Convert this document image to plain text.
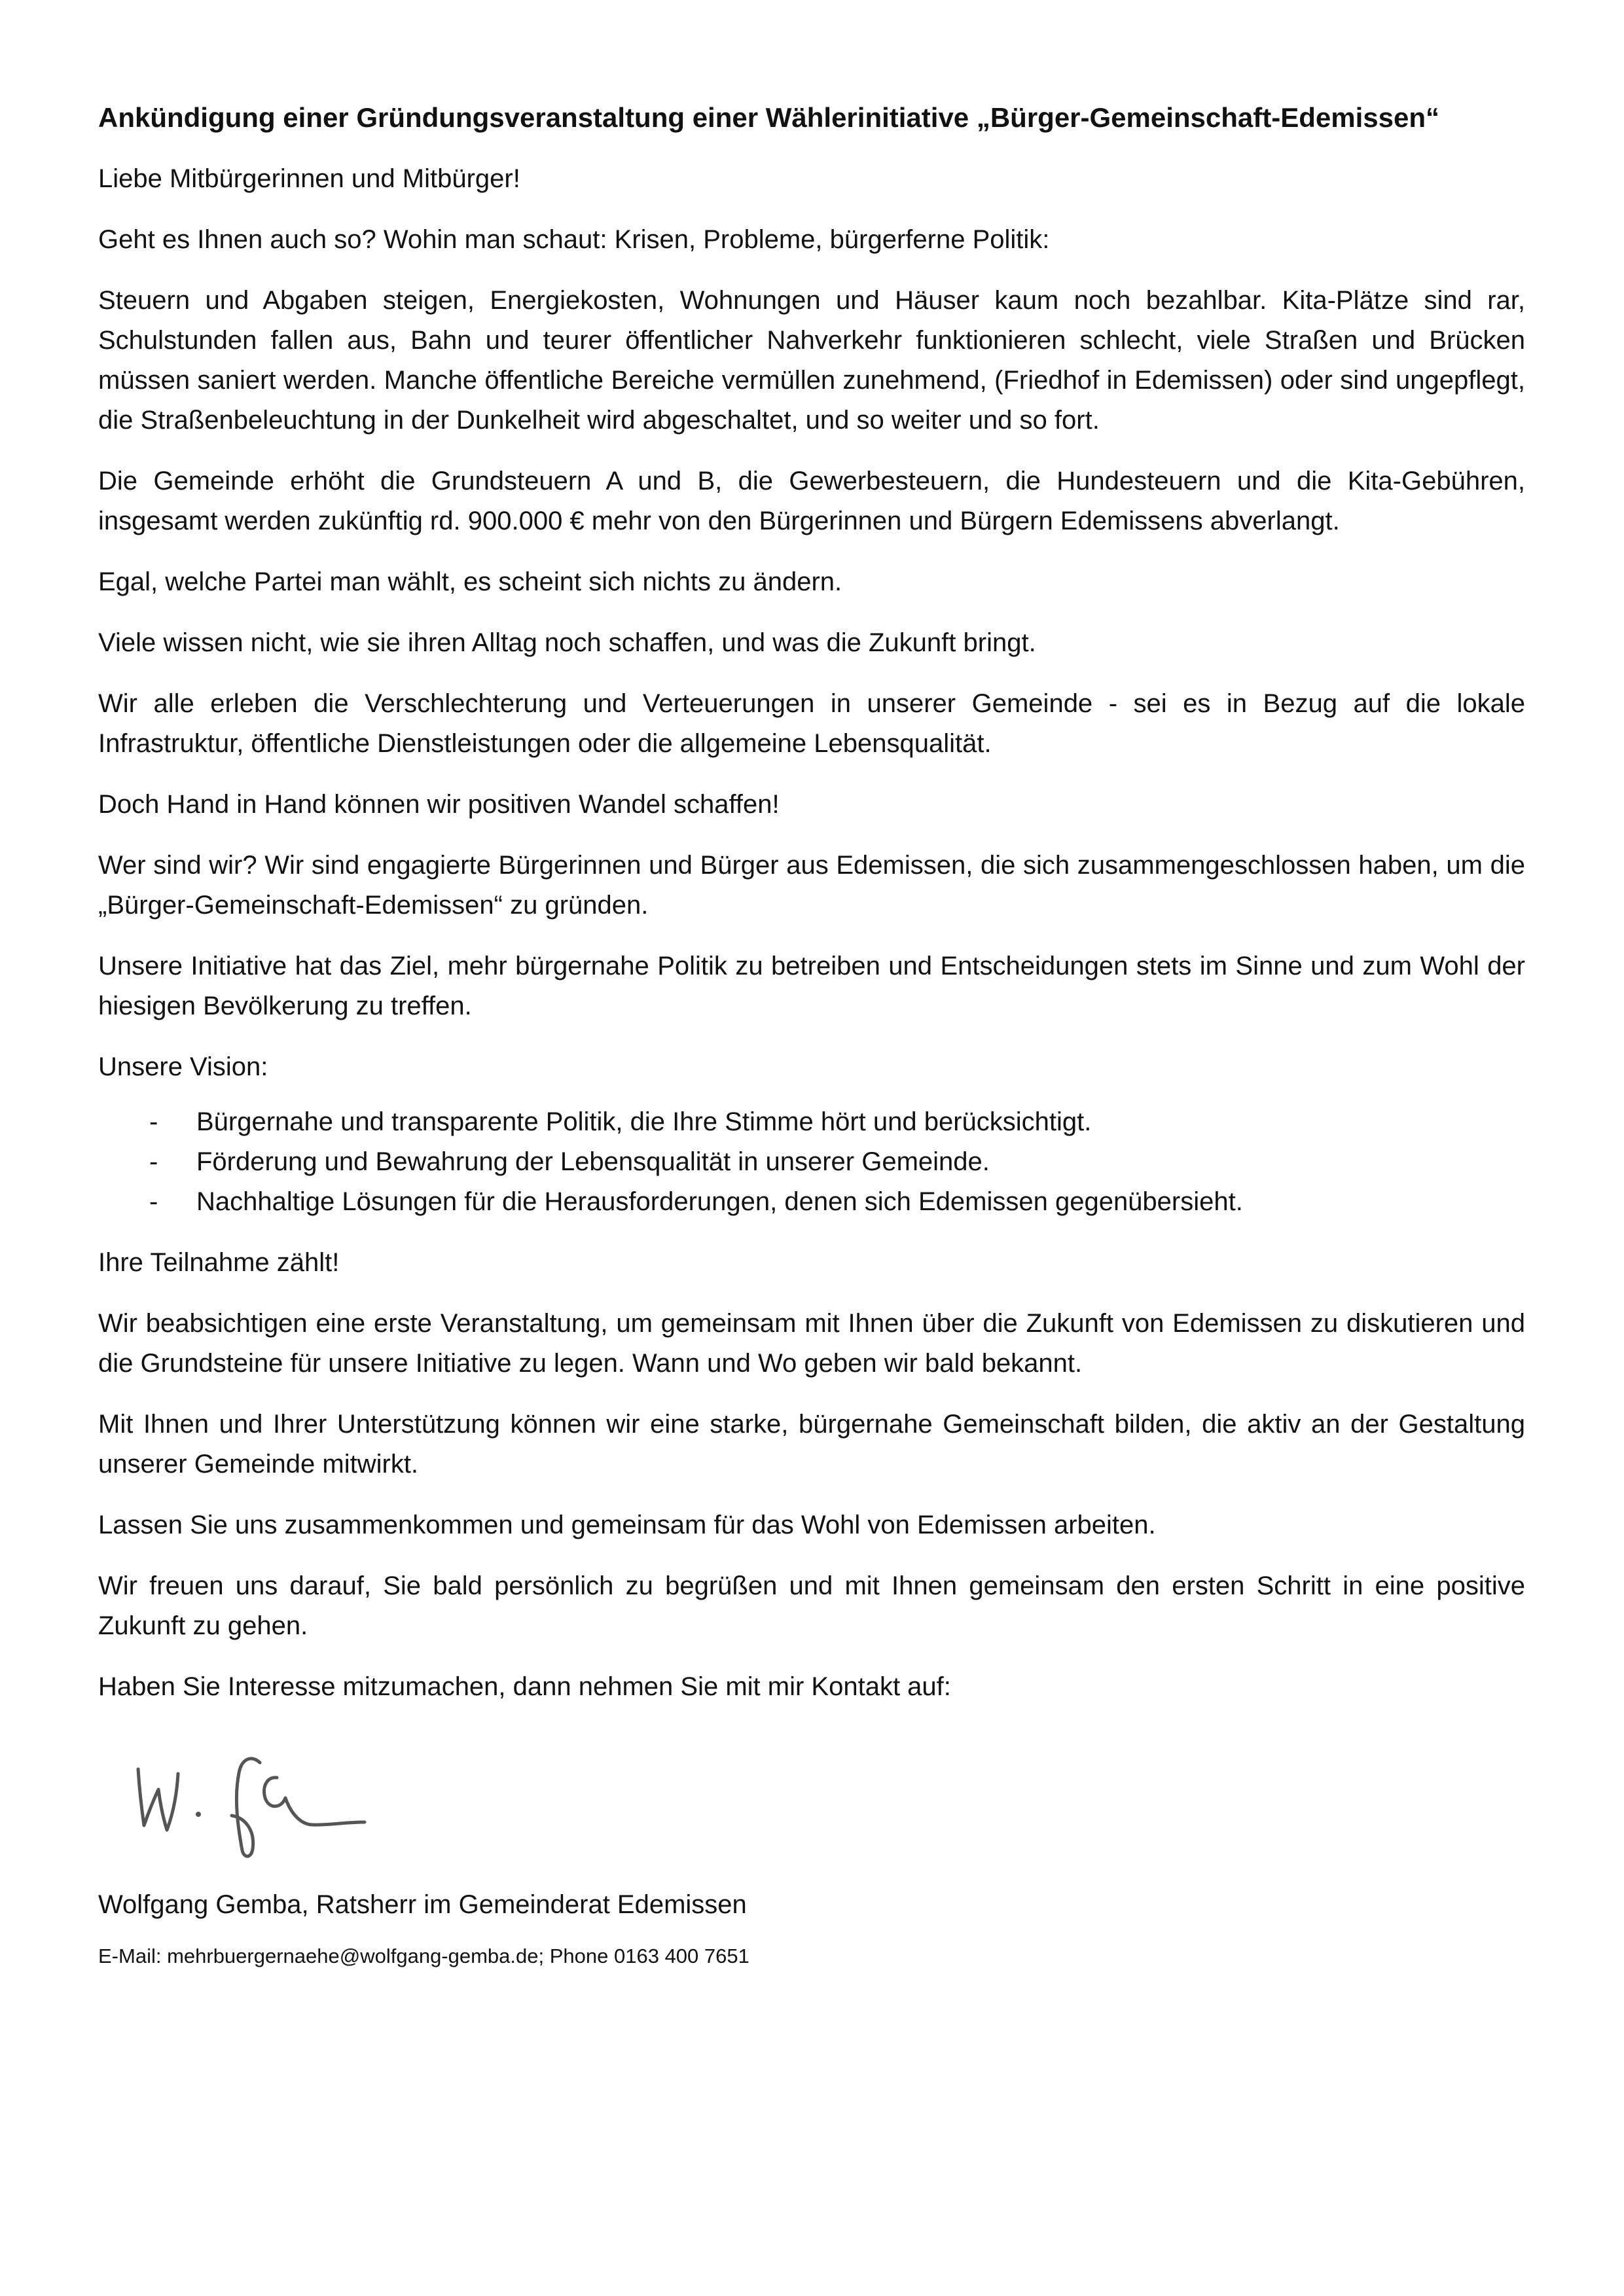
Ankündigung einer Gründungsveranstaltung einer Wählerinitiative „Bürger-Gemeinschaft-Edemissen“

Liebe Mitbürgerinnen und Mitbürger!

Geht es Ihnen auch so? Wohin man schaut: Krisen, Probleme, bürgerferne Politik:

Steuern und Abgaben steigen, Energiekosten, Wohnungen und Häuser kaum noch bezahlbar. Kita-Plätze sind rar, Schulstunden fallen aus, Bahn und teurer öffentlicher Nahverkehr funktionieren schlecht, viele Straßen und Brücken müssen saniert werden. Manche öffentliche Bereiche vermüllen zunehmend, (Friedhof in Edemissen) oder sind ungepflegt, die Straßenbeleuchtung in der Dunkelheit wird abgeschaltet, und so weiter und so fort.

Die Gemeinde erhöht die Grundsteuern A und B, die Gewerbesteuern, die Hundesteuern und die Kita-Gebühren, insgesamt werden zukünftig rd. 900.000 € mehr von den Bürgerinnen und Bürgern Edemissens abverlangt.

Egal, welche Partei man wählt, es scheint sich nichts zu ändern.

Viele wissen nicht, wie sie ihren Alltag noch schaffen, und was die Zukunft bringt.

Wir alle erleben die Verschlechterung und Verteuerungen in unserer Gemeinde - sei es in Bezug auf die lokale Infrastruktur, öffentliche Dienstleistungen oder die allgemeine Lebensqualität.

Doch Hand in Hand können wir positiven Wandel schaffen!

Wer sind wir? Wir sind engagierte Bürgerinnen und Bürger aus Edemissen, die sich zusammengeschlossen haben, um die „Bürger-Gemeinschaft-Edemissen“ zu gründen.

Unsere Initiative hat das Ziel, mehr bürgernahe Politik zu betreiben und Entscheidungen stets im Sinne und zum Wohl der hiesigen Bevölkerung zu treffen.

Unsere Vision:

-	Bürgernahe und transparente Politik, die Ihre Stimme hört und berücksichtigt.
-	Förderung und Bewahrung der Lebensqualität in unserer Gemeinde.
-	Nachhaltige Lösungen für die Herausforderungen, denen sich Edemissen gegenübersieht.

Ihre Teilnahme zählt!

Wir beabsichtigen eine erste Veranstaltung, um gemeinsam mit Ihnen über die Zukunft von Edemissen zu diskutieren und die Grundsteine für unsere Initiative zu legen. Wann und Wo geben wir bald bekannt.

Mit Ihnen und Ihrer Unterstützung können wir eine starke, bürgernahe Gemeinschaft bilden, die aktiv an der Gestaltung unserer Gemeinde mitwirkt.

Lassen Sie uns zusammenkommen und gemeinsam für das Wohl von Edemissen arbeiten.

Wir freuen uns darauf, Sie bald persönlich zu begrüßen und mit Ihnen gemeinsam den ersten Schritt in eine positive Zukunft zu gehen.

Haben Sie Interesse mitzumachen, dann nehmen Sie mit mir Kontakt auf:

Wolfgang Gemba, Ratsherr im Gemeinderat Edemissen

E-Mail: mehrbuergernaehe@wolfgang-gemba.de; Phone 0163 400 7651
